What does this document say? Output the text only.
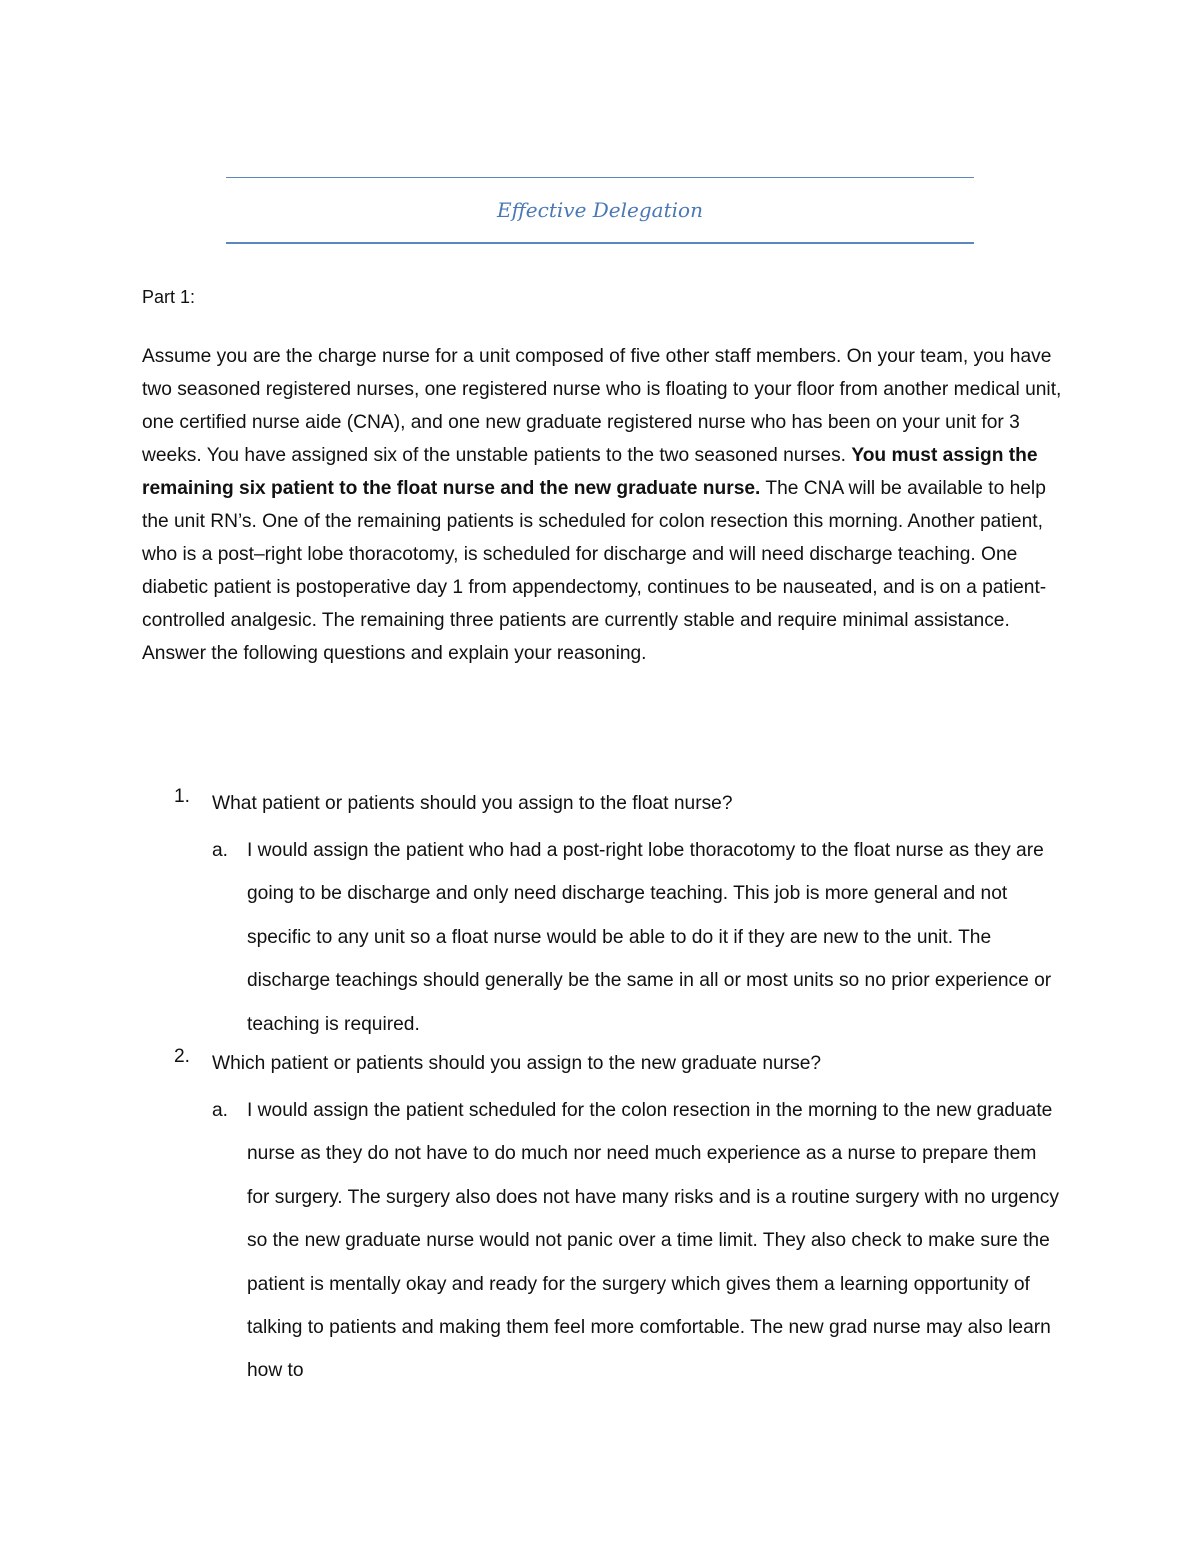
Effective Delegation
Part 1:

Assume you are the charge nurse for a unit composed of five other staff members. On your team, you have two seasoned registered nurses, one registered nurse who is floating to your floor from another medical unit, one certified nurse aide (CNA), and one new graduate registered nurse who has been on your unit for 3 weeks. You have assigned six of the unstable patients to the two seasoned nurses. You must assign the remaining six patient to the float nurse and the new graduate nurse. The CNA will be available to help the unit RN’s. One of the remaining patients is scheduled for colon resection this morning. Another patient, who is a post–right lobe thoracotomy, is scheduled for discharge and will need discharge teaching. One diabetic patient is postoperative day 1 from appendectomy, continues to be nauseated, and is on a patient-controlled analgesic. The remaining three patients are currently stable and require minimal assistance. Answer the following questions and explain your reasoning.

1. What patient or patients should you assign to the float nurse?
a. I would assign the patient who had a post-right lobe thoracotomy to the float nurse as they are going to be discharge and only need discharge teaching. This job is more general and not specific to any unit so a float nurse would be able to do it if they are new to the unit. The discharge teachings should generally be the same in all or most units so no prior experience or teaching is required.
2. Which patient or patients should you assign to the new graduate nurse?
a. I would assign the patient scheduled for the colon resection in the morning to the new graduate nurse as they do not have to do much nor need much experience as a nurse to prepare them for surgery. The surgery also does not have many risks and is a routine surgery with no urgency so the new graduate nurse would not panic over a time limit. They also check to make sure the patient is mentally okay and ready for the surgery which gives them a learning opportunity of talking to patients and making them feel more comfortable. The new grad nurse may also learn how to
